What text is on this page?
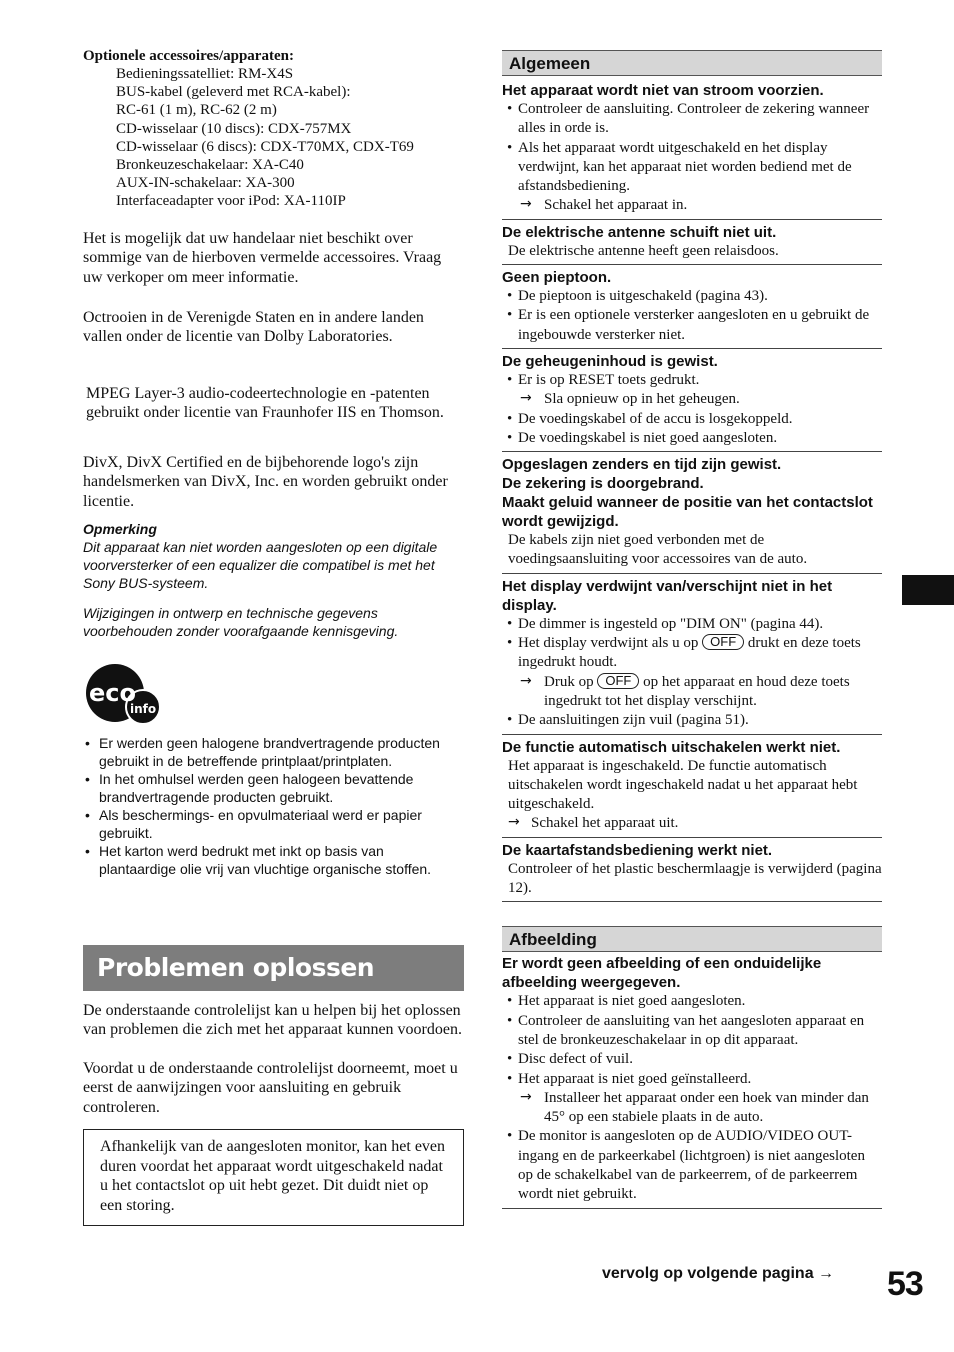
Optionele accessoires/apparaten:
Bedieningssatelliet: RM-X4S
BUS-kabel (geleverd met RCA-kabel):
RC-61 (1 m), RC-62 (2 m)
CD-wisselaar (10 discs): CDX-757MX
CD-wisselaar (6 discs): CDX-T70MX, CDX-T69
Bronkeuzeschakelaar: XA-C40
AUX-IN-schakelaar: XA-300
Interfaceadapter voor iPod: XA-110IP
Het is mogelijk dat uw handelaar niet beschikt over sommige van de hierboven vermelde accessoires. Vraag uw verkoper om meer informatie.
Octrooien in de Verenigde Staten en in andere landen vallen onder de licentie van Dolby Laboratories.
MPEG Layer-3 audio-codeertechnologie en -patenten gebruikt onder licentie van Fraunhofer IIS en Thomson.
DivX, DivX Certified en de bijbehorende logo's zijn handelsmerken van DivX, Inc. en worden gebruikt onder licentie.
Opmerking
Dit apparaat kan niet worden aangesloten op een digitale voorversterker of een equalizer die compatibel is met het Sony BUS-systeem.
Wijzigingen in ontwerp en technische gegevens voorbehouden zonder voorafgaande kennisgeving.
eco
info
• Er werden geen halogene brandvertragende producten gebruikt in de betreffende printplaat/printplaten.
• In het omhulsel werden geen halogeen bevattende brandvertragende producten gebruikt.
• Als beschermings- en opvulmateriaal werd er papier gebruikt.
• Het karton werd bedrukt met inkt op basis van plantaardige olie vrij van vluchtige organische stoffen.
Problemen oplossen
De onderstaande controlelijst kan u helpen bij het oplossen van problemen die zich met het apparaat kunnen voordoen.
Voordat u de onderstaande controlelijst doorneemt, moet u eerst de aanwijzingen voor aansluiting en gebruik controleren.
Afhankelijk van de aangesloten monitor, kan het even duren voordat het apparaat wordt uitgeschakeld nadat u het contactslot op uit hebt gezet. Dit duidt niet op een storing.
Algemeen
Het apparaat wordt niet van stroom voorzien.
• Controleer de aansluiting. Controleer de zekering wanneer alles in orde is.
• Als het apparaat wordt uitgeschakeld en het display verdwijnt, kan het apparaat niet worden bediend met de afstandsbediening.
→ Schakel het apparaat in.
De elektrische antenne schuift niet uit.
De elektrische antenne heeft geen relaisdoos.
Geen pieptoon.
• De pieptoon is uitgeschakeld (pagina 43).
• Er is een optionele versterker aangesloten en u gebruikt de ingebouwde versterker niet.
De geheugeninhoud is gewist.
• Er is op RESET toets gedrukt.
→ Sla opnieuw op in het geheugen.
• De voedingskabel of de accu is losgekoppeld.
• De voedingskabel is niet goed aangesloten.
Opgeslagen zenders en tijd zijn gewist.
De zekering is doorgebrand.
Maakt geluid wanneer de positie van het contactslot wordt gewijzigd.
De kabels zijn niet goed verbonden met de voedingsaansluiting voor accessoires van de auto.
Het display verdwijnt van/verschijnt niet in het display.
• De dimmer is ingesteld op "DIM ON" (pagina 44).
• Het display verdwijnt als u op OFF drukt en deze toets ingedrukt houdt.
→ Druk op OFF op het apparaat en houd deze toets ingedrukt tot het display verschijnt.
• De aansluitingen zijn vuil (pagina 51).
De functie automatisch uitschakelen werkt niet.
Het apparaat is ingeschakeld. De functie automatisch uitschakelen wordt ingeschakeld nadat u het apparaat hebt uitgeschakeld.
→ Schakel het apparaat uit.
De kaartafstandsbediening werkt niet.
Controleer of het plastic beschermlaagje is verwijderd (pagina 12).
Afbeelding
Er wordt geen afbeelding of een onduidelijke afbeelding weergegeven.
• Het apparaat is niet goed aangesloten.
• Controleer de aansluiting van het aangesloten apparaat en stel de bronkeuzeschakelaar in op dit apparaat.
• Disc defect of vuil.
• Het apparaat is niet goed geïnstalleerd.
→ Installeer het apparaat onder een hoek van minder dan 45° op een stabiele plaats in de auto.
• De monitor is aangesloten op de AUDIO/VIDEO OUT-ingang en de parkeerkabel (lichtgroen) is niet aangesloten op de schakelkabel van de parkeerrem, of de parkeerrem wordt niet gebruikt.
vervolg op volgende pagina → 53
